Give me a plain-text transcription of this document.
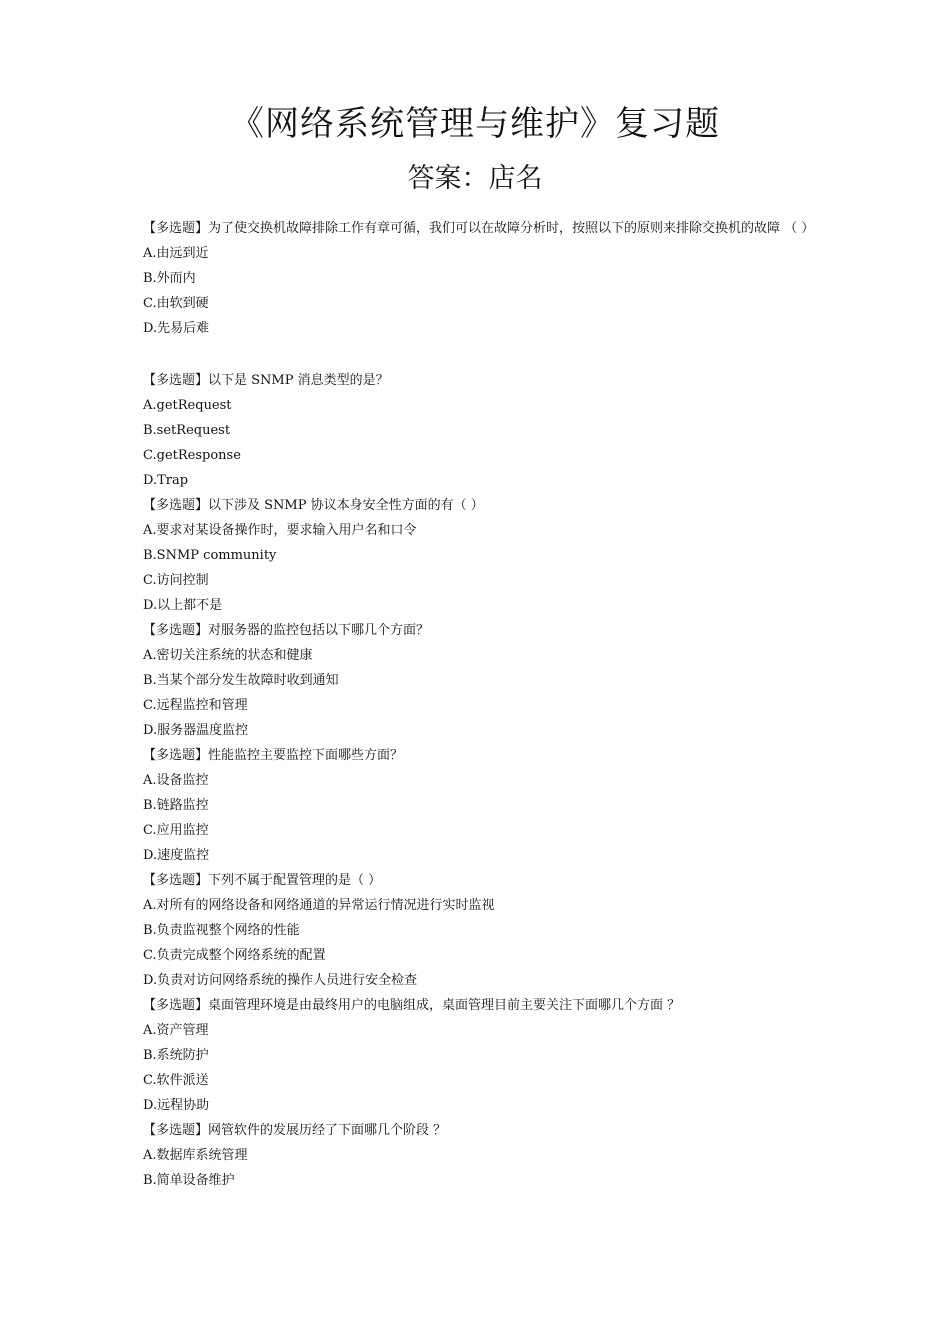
《网络系统管理与维护》复习题
答案：店名

【多选题】为了使交换机故障排除工作有章可循，我们可以在故障分析时，按照以下的原则来排除交换机的故障 （ ）

A.由远到近

B.外而内

C.由软到硬

D.先易后难

【多选题】以下是 SNMP 消息类型的是？

A.getRequest

B.setRequest

C.getResponse

D.Trap

【多选题】以下涉及 SNMP 协议本身安全性方面的有（ ）

A.要求对某设备操作时，要求输入用户名和口令

B.SNMP community

C.访问控制

D.以上都不是

【多选题】对服务器的监控包括以下哪几个方面？

A.密切关注系统的状态和健康

B.当某个部分发生故障时收到通知

C.远程监控和管理

D.服务器温度监控

【多选题】性能监控主要监控下面哪些方面？

A.设备监控

B.链路监控

C.应用监控

D.速度监控

【多选题】下列不属于配置管理的是（ ）

A.对所有的网络设备和网络通道的异常运行情况进行实时监视

B.负责监视整个网络的性能

C.负责完成整个网络系统的配置

D.负责对访问网络系统的操作人员进行安全检查

【多选题】桌面管理环境是由最终用户的电脑组成，桌面管理目前主要关注下面哪几个方面 ？

A.资产管理

B.系统防护

C.软件派送

D.远程协助

【多选题】网管软件的发展历经了下面哪几个阶段 ？

A.数据库系统管理

B.简单设备维护
